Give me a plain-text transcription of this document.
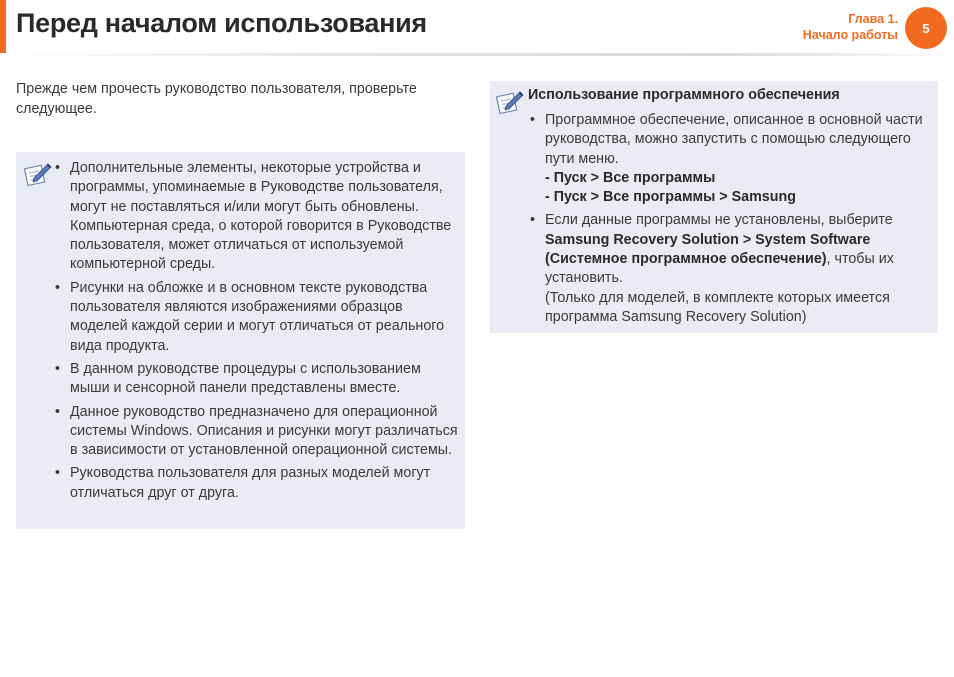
Перед началом использования	Глава 1.
Начало работы	5
Прежде чем прочесть руководство пользователя, проверьте следующее.
• Дополнительные элементы, некоторые устройства и программы, упоминаемые в Руководстве пользователя, могут не поставляться и/или могут быть обновлены. Компьютерная среда, о которой говорится в Руководстве пользователя, может отличаться от используемой компьютерной среды.
• Рисунки на обложке и в основном тексте руководства пользователя являются изображениями образцов моделей каждой серии и могут отличаться от реального вида продукта.
• В данном руководстве процедуры с использованием мыши и сенсорной панели представлены вместе.
• Данное руководство предназначено для операционной системы Windows. Описания и рисунки могут различаться в зависимости от установленной операционной системы.
• Руководства пользователя для разных моделей могут отличаться друг от друга.
Использование программного обеспечения
• Программное обеспечение, описанное в основной части руководства, можно запустить с помощью следующего пути меню.
- Пуск > Все программы
- Пуск > Все программы > Samsung
• Если данные программы не установлены, выберите Samsung Recovery Solution > System Software (Системное программное обеспечение), чтобы их установить.
(Только для моделей, в комплекте которых имеется программа Samsung Recovery Solution)
